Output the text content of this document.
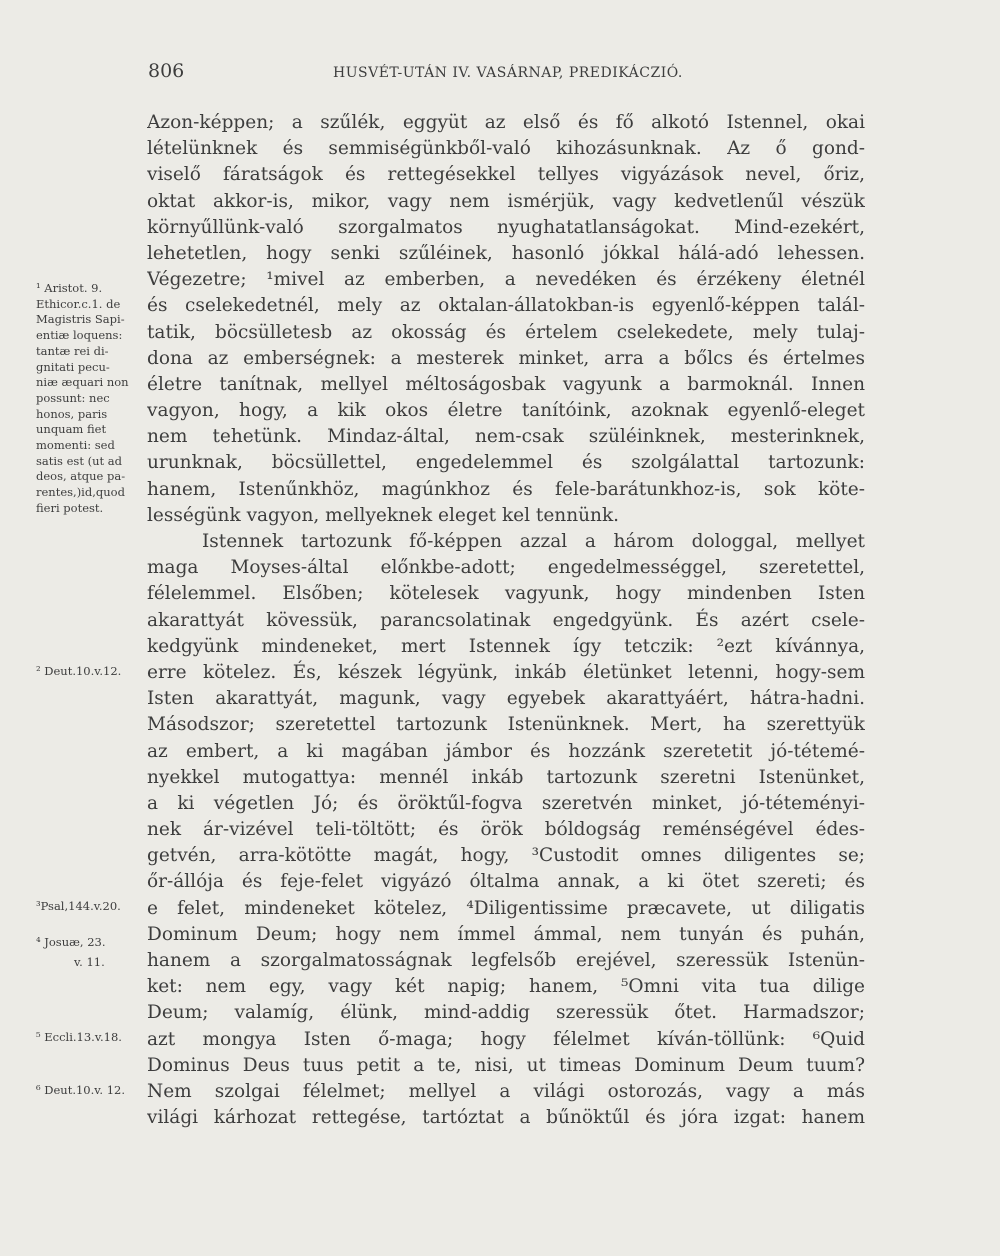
806	HUSVÉT-UTÁN IV. VASÁRNAP, PREDIKÁCZIÓ.
Azon-képpen; a szűlék, eggyüt az első és fő alkotó Istennel, okai
lételünknek és semmiségünkből-való kihozásunknak. Az ő gond-
viselő fáratságok és rettegésekkel tellyes vigyázások nevel, őriz,
oktat akkor-is, mikor, vagy nem ismérjük, vagy kedvetlenűl vészük
környűllünk-való szorgalmatos nyughatatlanságokat. Mind-ezekért,
lehetetlen, hogy senki szűléinek, hasonló jókkal hálá-adó lehessen.
Végezetre; ¹mivel az emberben, a nevedéken és érzékeny életnél
és cselekedetnél, mely az oktalan-állatokban-is egyenlő-képpen talál-
tatik, böcsülletesb az okosság és értelem cselekedete, mely tulaj-
dona az emberségnek: a mesterek minket, arra a bőlcs és értelmes
életre tanítnak, mellyel méltoságosbak vagyunk a barmoknál. Innen
vagyon, hogy, a kik okos életre tanítóink, azoknak egyenlő-eleget
nem tehetünk. Mindaz-által, nem-csak szüléinknek, mesterinknek,
urunknak, böcsüllettel, engedelemmel és szolgálattal tartozunk:
hanem, Istenűnkhöz, magúnkhoz és fele-barátunkhoz-is, sok köte-
lességünk vagyon, mellyeknek eleget kel tennünk.
Istennek tartozunk fő-képpen azzal a három dologgal, mellyet
maga Moyses-által előnkbe-adott; engedelmességgel, szeretettel,
félelemmel. Elsőben; kötelesek vagyunk, hogy mindenben Isten
akarattyát kövessük, parancsolatinak engedgyünk. És azért csele-
kedgyünk mindeneket, mert Istennek így tetczik: ²ezt kívánnya,
erre kötelez. És, készek légyünk, inkáb életünket letenni, hogy-sem
Isten akarattyát, magunk, vagy egyebek akarattyáért, hátra-hadni.
Másodszor; szeretettel tartozunk Istenünknek. Mert, ha szerettyük
az embert, a ki magában jámbor és hozzánk szeretetit jó-tétemé-
nyekkel mutogattya: mennél inkáb tartozunk szeretni Istenünket,
a ki végetlen Jó; és öröktűl-fogva szeretvén minket, jó-téteményi-
nek ár-vizével teli-töltött; és örök bóldogság reménségével édes-
getvén, arra-kötötte magát, hogy, ³Custodit omnes diligentes se;
őr-állója és feje-felet vigyázó óltalma annak, a ki ötet szereti; és
e felet, mindeneket kötelez, ⁴Diligentissime præcavete, ut diligatis
Dominum Deum; hogy nem ímmel ámmal, nem tunyán és puhán,
hanem a szorgalmatosságnak legfelsőb erejével, szeressük Istenün-
ket: nem egy, vagy két napig; hanem, ⁵Omni vita tua dilige
Deum; valamíg, élünk, mind-addig szeressük őtet. Harmadszor;
azt mongya Isten ő-maga; hogy félelmet kíván-töllünk: ⁶Quid
Dominus Deus tuus petit a te, nisi, ut timeas Dominum Deum tuum?
Nem szolgai félelmet; mellyel a világi ostorozás, vagy a más
világi kárhozat rettegése, tartóztat a bűnöktűl és jóra izgat: hanem
¹ Aristot. 9.
Ethicor.c.1. de
Magistris Sapi-
entiæ loquens:
tantæ rei di-
gnitati pecu-
niæ æquari non
possunt: nec
honos, paris
unquam fiet
momenti: sed
satis est (ut ad
deos, atque pa-
rentes,)id,quod
fieri potest.
² Deut.10.v.12.
³Psal,144.v.20.
⁴ Josuæ, 23.
v. 11.
⁵ Eccli.13.v.18.
⁶ Deut.10.v. 12.
